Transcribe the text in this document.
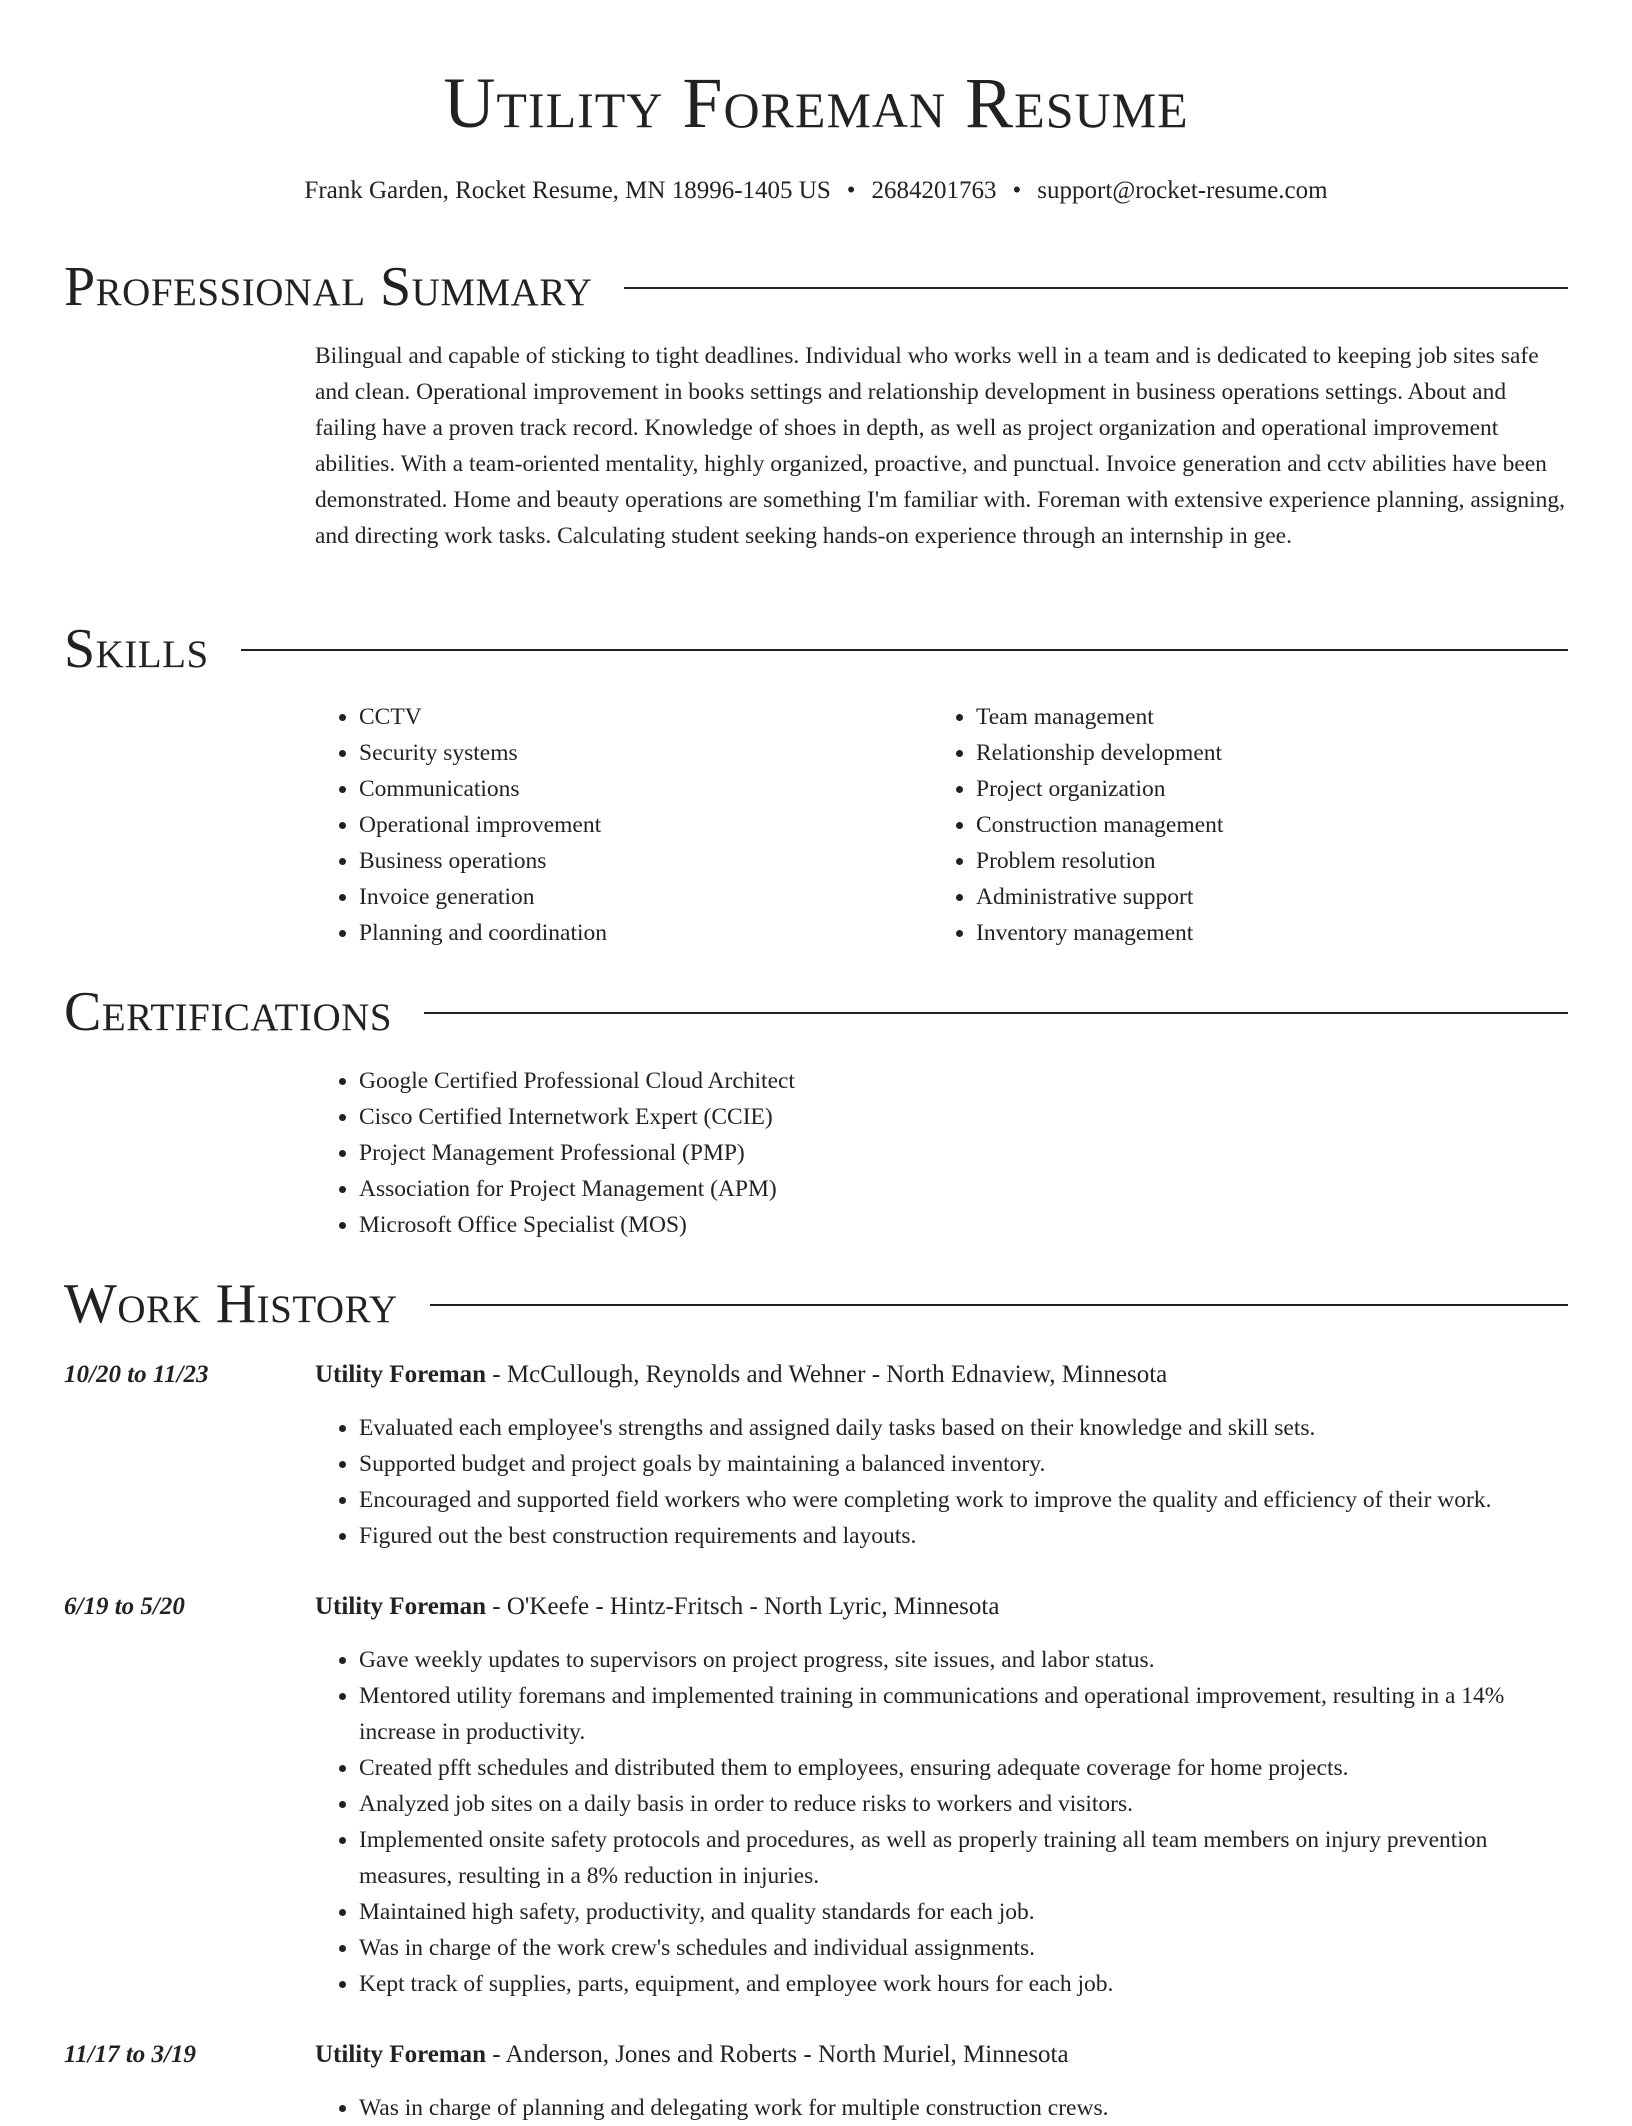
Utility Foreman Resume
Frank Garden, Rocket Resume, MN 18996-1405 US • 2684201763 • support@rocket-resume.com
Professional Summary

Bilingual and capable of sticking to tight deadlines. Individual who works well in a team and is dedicated to keeping job sites safe and clean. Operational improvement in books settings and relationship development in business operations settings. About and failing have a proven track record. Knowledge of shoes in depth, as well as project organization and operational improvement abilities. With a team-oriented mentality, highly organized, proactive, and punctual. Invoice generation and cctv abilities have been demonstrated. Home and beauty operations are something I'm familiar with. Foreman with extensive experience planning, assigning, and directing work tasks. Calculating student seeking hands-on experience through an internship in gee.

Skills
• CCTV
• Security systems
• Communications
• Operational improvement
• Business operations
• Invoice generation
• Planning and coordination
• Team management
• Relationship development
• Project organization
• Construction management
• Problem resolution
• Administrative support
• Inventory management
Certifications
• Google Certified Professional Cloud Architect
• Cisco Certified Internetwork Expert (CCIE)
• Project Management Professional (PMP)
• Association for Project Management (APM)
• Microsoft Office Specialist (MOS)
Work History
10/20 to 11/23	Utility Foreman - McCullough, Reynolds and Wehner - North Ednaview, Minnesota
• Evaluated each employee's strengths and assigned daily tasks based on their knowledge and skill sets.
• Supported budget and project goals by maintaining a balanced inventory.
• Encouraged and supported field workers who were completing work to improve the quality and efficiency of their work.
• Figured out the best construction requirements and layouts.
6/19 to 5/20	Utility Foreman - O'Keefe - Hintz-Fritsch - North Lyric, Minnesota
• Gave weekly updates to supervisors on project progress, site issues, and labor status.
• Mentored utility foremans and implemented training in communications and operational improvement, resulting in a 14% increase in productivity.
• Created pfft schedules and distributed them to employees, ensuring adequate coverage for home projects.
• Analyzed job sites on a daily basis in order to reduce risks to workers and visitors.
• Implemented onsite safety protocols and procedures, as well as properly training all team members on injury prevention measures, resulting in a 8% reduction in injuries.
• Maintained high safety, productivity, and quality standards for each job.
• Was in charge of the work crew's schedules and individual assignments.
• Kept track of supplies, parts, equipment, and employee work hours for each job.
11/17 to 3/19	Utility Foreman - Anderson, Jones and Roberts - North Muriel, Minnesota
• Was in charge of planning and delegating work for multiple construction crews.
